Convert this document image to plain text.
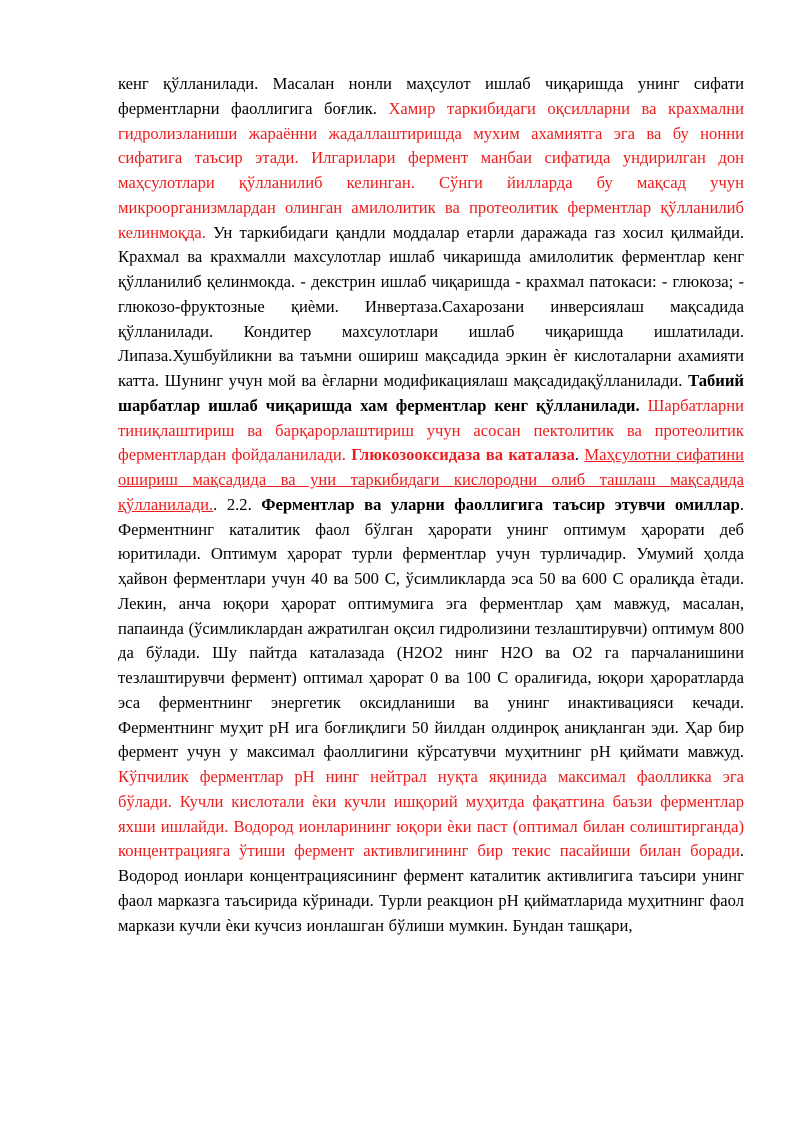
кенг қўлланилади. Масалан нонли маҳсулот ишлаб чиқаришда унинг сифати ферментларни фаоллигига боғлик. Хамир таркибидаги оқсилларни ва крахмални гидролизланиши жараённи жадаллаштиришда мухим ахамиятга эга ва бу нонни сифатига таъсир этади. Илгарилари фермент манбаи сифатида ундирилган дон маҳсулотлари қўлланилиб келинган. Сўнги йилларда бу мақсад учун микроорганизмлардан олинган амилолитик ва протеолитик ферментлар қўлланилиб келинмоқда. Ун таркибидаги қандли моддалар етарли даражада газ хосил қилмайди. Крахмал ва крахмалли махсулотлар ишлаб чикаришда амилолитик ферментлар кенг қўлланилиб қелинмокда. - декстрин ишлаб чиқаришда - крахмал патокаси: - глюкоза; - глюкозо-фруктозные қиѐми. Инвертаза.Сахарозани инверсиялаш мақсадида қўлланилади. Кондитер махсулотлари ишлаб чиқаришда ишлатилади. Липаза.Хушбуйликни ва таъмни ошириш мақсадида эркин ѐғ кислоталарни ахамияти катта. Шунинг учун мой ва ѐғларни модификациялаш мақсадидақўлланилади. Табиий шарбатлар ишлаб чиқаришда хам ферментлар кенг қўлланилади. Шарбатларни тиниқлаштириш ва барқарорлаштириш учун асосан пектолитик ва протеолитик ферментлардан фойдаланилади. Глюкозооксидаза ва каталаза. Маҳсулотни сифатини ошириш мақсадида ва уни таркибидаги кислородни олиб ташлаш мақсадида қўлланилади.. 2.2. Ферментлар ва уларни фаоллигига таъсир этувчи омиллар. Ферментнинг каталитик фаол бўлган ҳарорати унинг оптимум ҳарорати деб юритилади. Оптимум ҳарорат турли ферментлар учун турличадир. Умумий ҳолда ҳайвон ферментлари учун 40 ва 500 С, ўсимликларда эса 50 ва 600 С оралиқда ѐтади. Лекин, анча юқори ҳарорат оптимумига эга ферментлар ҳам мавжуд, масалан, папаинда (ўсимликлардан ажратилган оқсил гидролизини тезлаштирувчи) оптимум 800 да бўлади. Шу пайтда каталазада (Н2О2 нинг Н2О ва О2 га парчаланишини тезлаштирувчи фермент) оптимал ҳарорат 0 ва 100 С оралиғида, юқори ҳароратларда эса ферментнинг энергетик оксидланиши ва унинг инактивацияси кечади. Ферментнинг муҳит рН ига боғлиқлиги 50 йилдан олдинроқ аниқланган эди. Ҳар бир фермент учун у максимал фаоллигини кўрсатувчи муҳитнинг рН қиймати мавжуд. Кўпчилик ферментлар рН нинг нейтрал нуқта яқинида максимал фаолликка эга бўлади. Кучли кислотали ѐки кучли ишқорий муҳитда фақатгина баъзи ферментлар яхши ишлайди. Водород ионларининг юқори ѐки паст (оптимал билан солиштирганда) концентрацияга ўтиши фермент активлигининг бир текис пасайиши билан боради. Водород ионлари концентрациясининг фермент каталитик активлигига таъсири унинг фаол марказга таъсирида кўринади. Турли реакцион рН қийматларида муҳитнинг фаол маркази кучли ѐки кучсиз ионлашган бўлиши мумкин. Бундан ташқари,
